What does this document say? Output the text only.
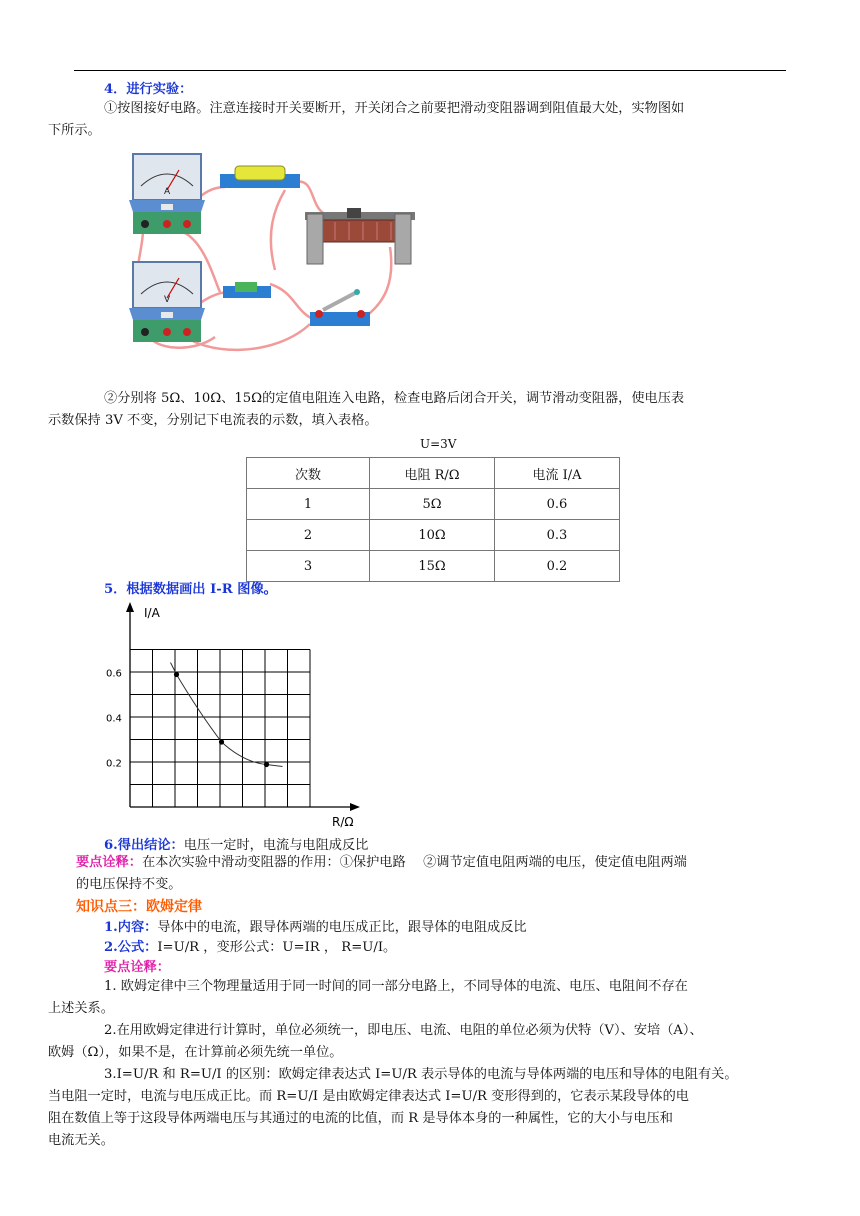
4．进行实验：
①按图接好电路。注意连接时开关要断开，开关闭合之前要把滑动变阻器调到阻值最大处，实物图如
下所示。
A
V
②分别将 5Ω、10Ω、15Ω的定值电阻连入电路，检查电路后闭合开关，调节滑动变阻器，使电压表
示数保持 3V 不变，分别记下电流表的示数，填入表格。
U=3V
次数	电阻 R/Ω	电流 I/A
1	5Ω	0.6
2	10Ω	0.3
3	15Ω	0.2
5．根据数据画出 I-R 图像。
I/A
R/Ω
0.6
0.4
0.2
6.得出结论：电压一定时，电流与电阻成反比
要点诠释：在本次实验中滑动变阻器的作用：①保护电路　 ②调节定值电阻两端的电压，使定值电阻两端
的电压保持不变。
知识点三：欧姆定律
1.内容：导体中的电流，跟导体两端的电压成正比，跟导体的电阻成反比
2.公式：I=U/R ，变形公式：U=IR ， R=U/I。
要点诠释：
1. 欧姆定律中三个物理量适用于同一时间的同一部分电路上，不同导体的电流、电压、电阻间不存在
上述关系。
2.在用欧姆定律进行计算时，单位必须统一，即电压、电流、电阻的单位必须为伏特（V）、安培（A）、
欧姆（Ω），如果不是，在计算前必须先统一单位。
3.I=U/R 和 R=U/I 的区别：欧姆定律表达式 I=U/R 表示导体的电流与导体两端的电压和导体的电阻有关。
当电阻一定时，电流与电压成正比。而 R=U/I 是由欧姆定律表达式 I=U/R 变形得到的，它表示某段导体的电
阻在数值上等于这段导体两端电压与其通过的电流的比值，而 R 是导体本身的一种属性，它的大小与电压和
电流无关。
